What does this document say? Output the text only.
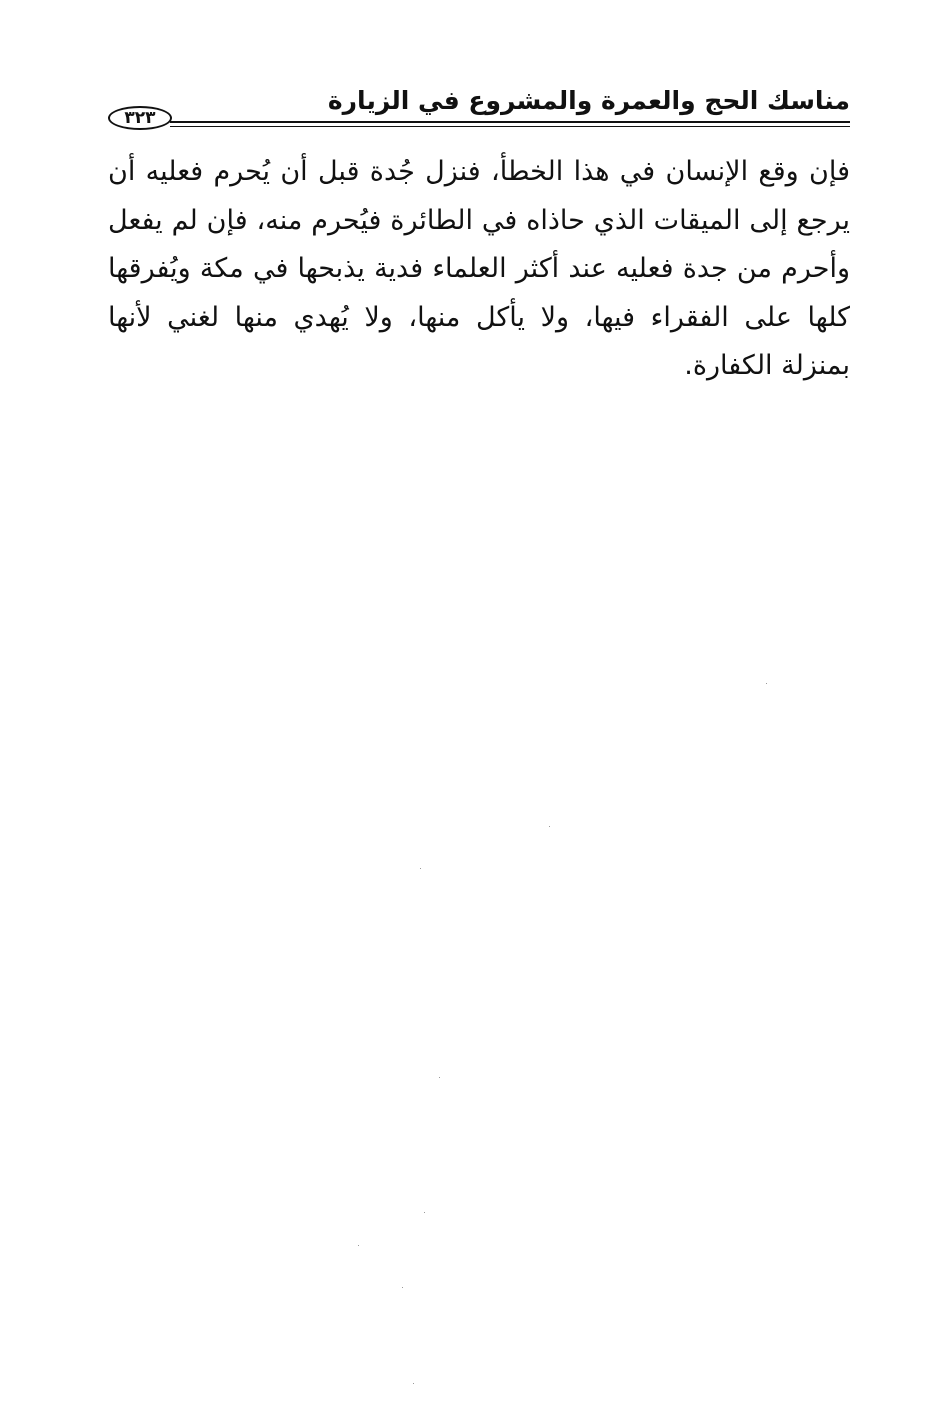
مناسك الحج والعمرة والمشروع في الزيارة
٣٢٣

فإن وقع الإنسان في هذا الخطأ، فنزل جُدة قبل أن يُحرم فعليه أن يرجع إلى الميقات الذي حاذاه في الطائرة فيُحرم منه، فإن لم يفعل وأحرم من جدة فعليه عند أكثر العلماء فدية يذبحها في مكة ويُفرقها كلها على الفقراء فيها، ولا يأكل منها، ولا يُهدي منها لغني لأنها بمنزلة الكفارة.
